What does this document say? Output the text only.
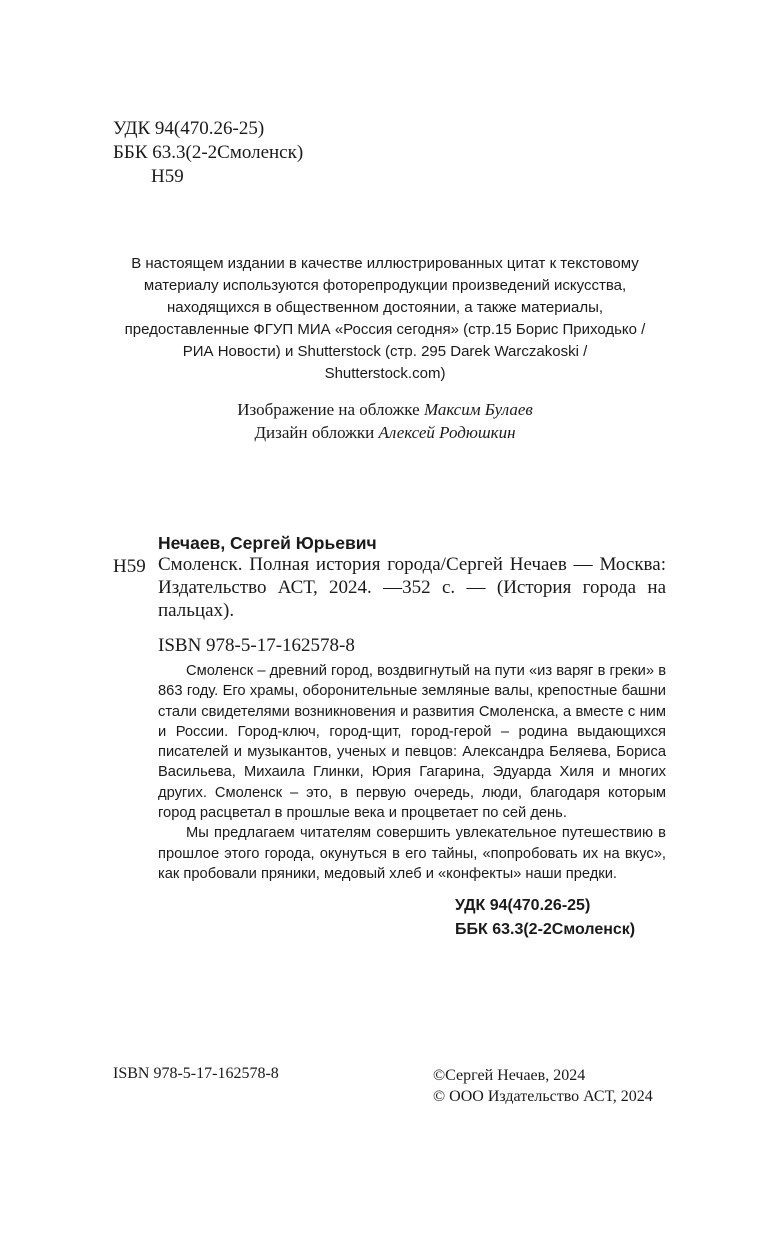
УДК 94(470.26-25)
ББК 63.3(2-2Смоленск)
Н59
В настоящем издании в качестве иллюстрированных цитат к текстовому
материалу используются фоторепродукции произведений искусства,
находящихся в общественном достоянии, а также материалы,
предоставленные ФГУП МИА «Россия сегодня» (стр.15 Борис Приходько /
РИА Новости) и Shutterstock (стр. 295 Darek Warczakoski /
Shutterstock.com)
Изображение на обложке Максим Булаев
Дизайн обложки Алексей Родюшкин
Нечаев, Сергей Юрьевич
Н59 Смоленск. Полная история города/Сергей Нечаев — Москва: Издательство АСТ, 2024. —352 с. — (История города на пальцах).
ISBN 978-5-17-162578-8

Смоленск – древний город, воздвигнутый на пути «из варяг в греки» в 863 году. Его храмы, оборонительные земляные валы, крепостные башни стали свидетелями возникновения и развития Смоленска, а вместе с ним и России. Город-ключ, город-щит, город-герой – родина выдающихся писателей и музыкантов, ученых и певцов: Александра Беляева, Бориса Васильева, Михаила Глинки, Юрия Гагарина, Эдуарда Хиля и многих других. Смоленск – это, в первую очередь, люди, благодаря которым город расцветал в прошлые века и процветает по сей день.

Мы предлагаем читателям совершить увлекательное путешествию в прошлое этого города, окунуться в его тайны, «попробовать их на вкус», как пробовали пряники, медовый хлеб и «конфекты» наши предки.

УДК 94(470.26-25)
ББК 63.3(2-2Смоленск)
ISBN 978-5-17-162578-8	©Сергей Нечаев, 2024
© ООО Издательство АСТ, 2024
